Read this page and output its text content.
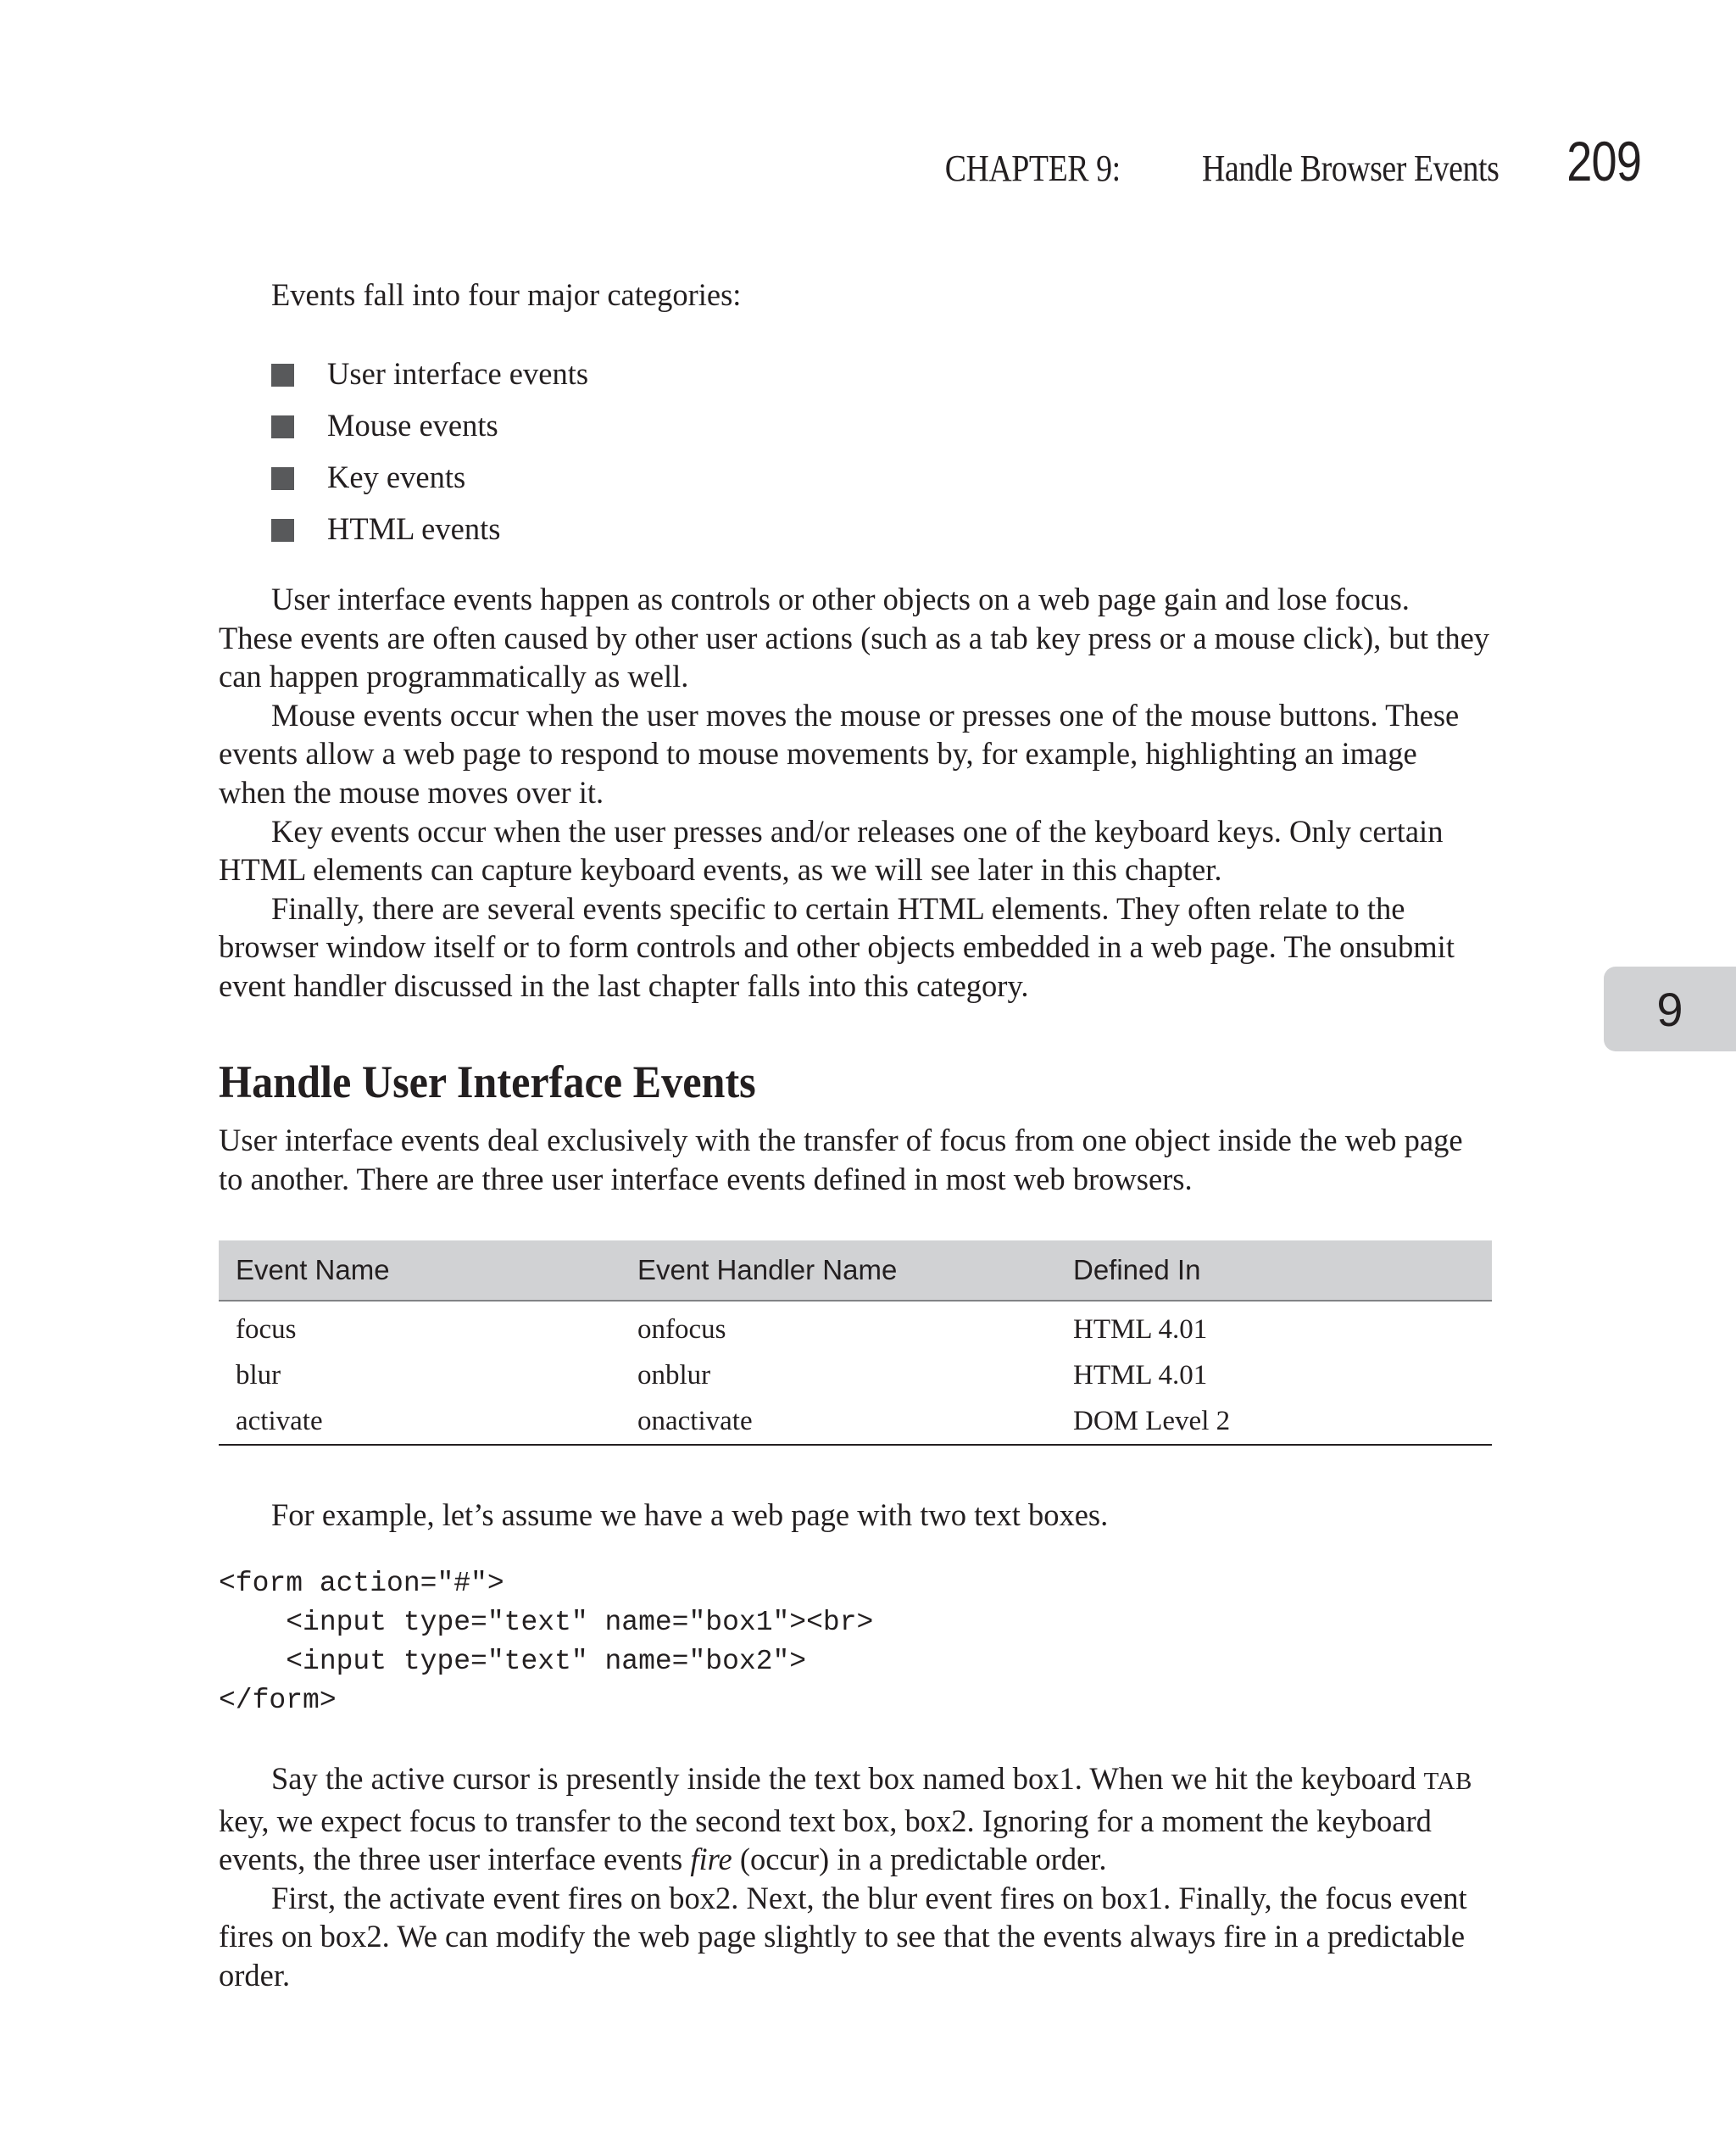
CHAPTER 9: Handle Browser Events 209

Events fall into four major categories:

User interface events
Mouse events
Key events
HTML events

User interface events happen as controls or other objects on a web page gain and lose focus. These events are often caused by other user actions (such as a tab key press or a mouse click), but they can happen programmatically as well.

Mouse events occur when the user moves the mouse or presses one of the mouse buttons. These events allow a web page to respond to mouse movements by, for example, highlighting an image when the mouse moves over it.

Key events occur when the user presses and/or releases one of the keyboard keys. Only certain HTML elements can capture keyboard events, as we will see later in this chapter.

Finally, there are several events specific to certain HTML elements. They often relate to the browser window itself or to form controls and other objects embedded in a web page. The onsubmit event handler discussed in the last chapter falls into this category.

Handle User Interface Events

User interface events deal exclusively with the transfer of focus from one object inside the web page to another. There are three user interface events defined in most web browsers.

Event Name	Event Handler Name	Defined In
focus	onfocus	HTML 4.01
blur	onblur	HTML 4.01
activate	onactivate	DOM Level 2

For example, let’s assume we have a web page with two text boxes.

<form action="#">
<input type="text" name="box1"><br>
<input type="text" name="box2">
</form>

Say the active cursor is presently inside the text box named box1. When we hit the keyboard TAB key, we expect focus to transfer to the second text box, box2. Ignoring for a moment the keyboard events, the three user interface events fire (occur) in a predictable order.

First, the activate event fires on box2. Next, the blur event fires on box1. Finally, the focus event fires on box2. We can modify the web page slightly to see that the events always fire in a predictable order.

9
